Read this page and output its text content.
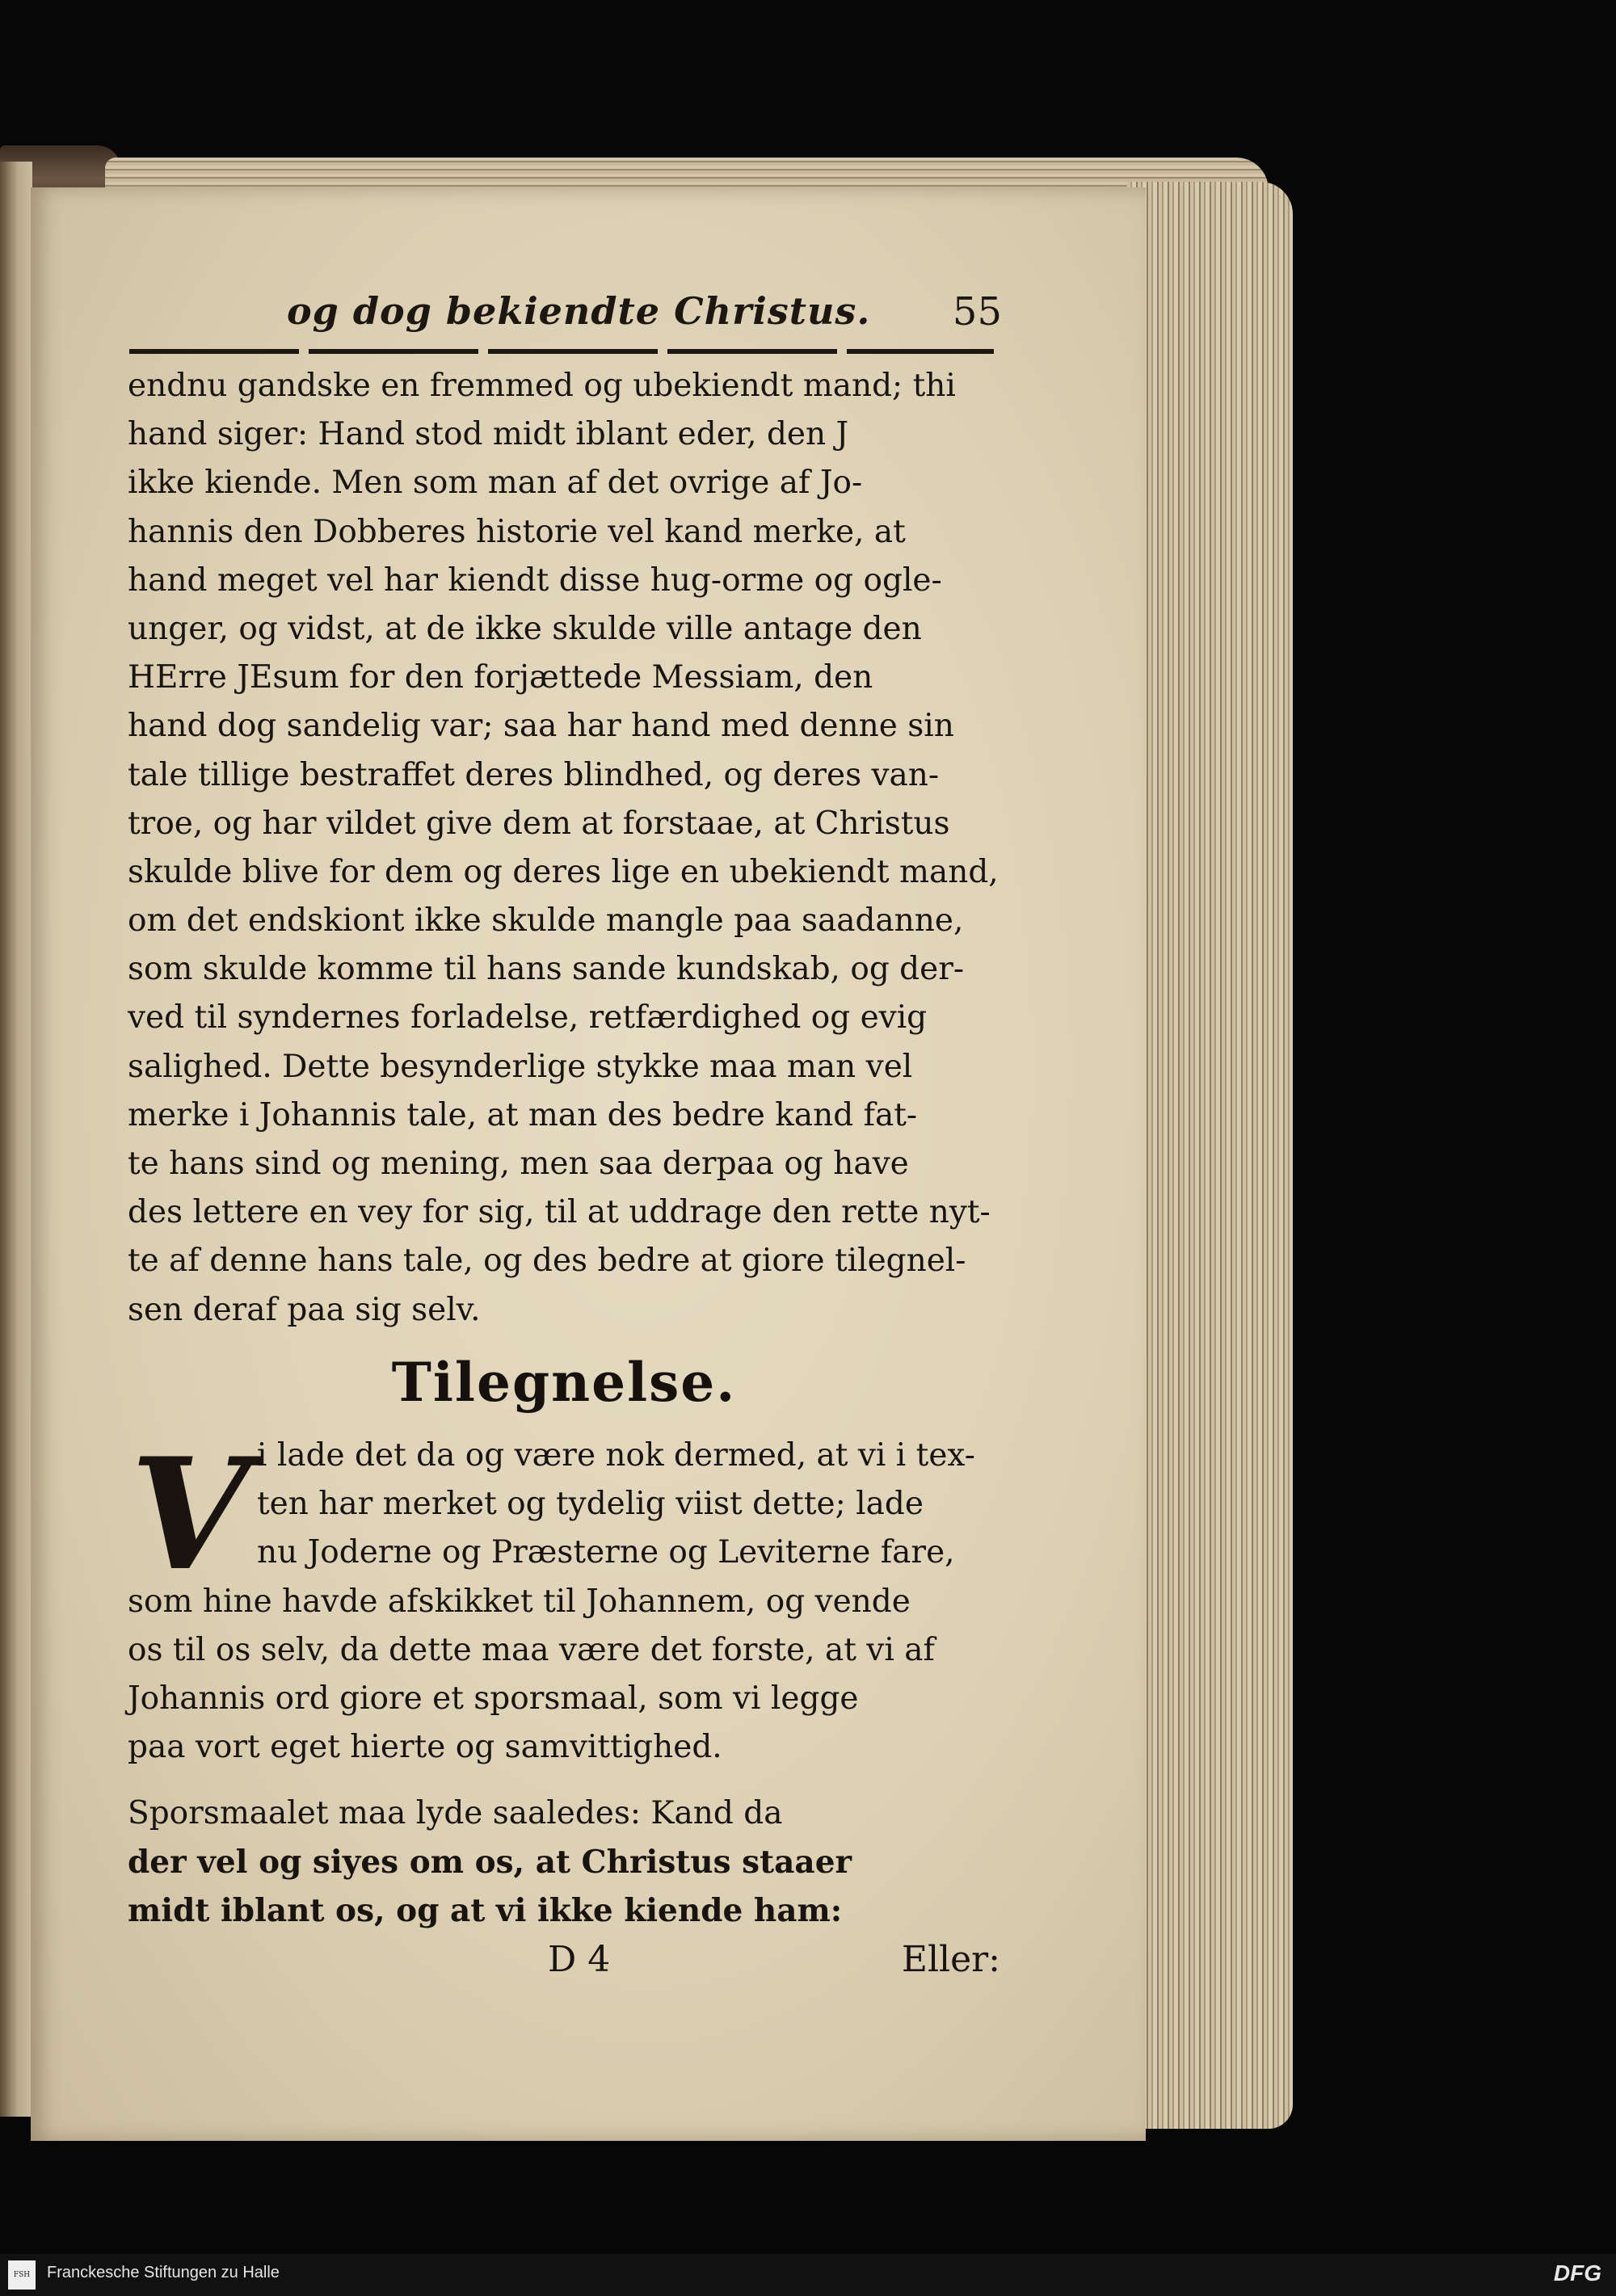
og dog bekiendte Christus. 55
endnu gandske en fremmed og ubekiendt mand; thi
hand siger: Hand stod midt iblant eder, den J
ikke kiende. Men som man af det ovrige af Jo-
hannis den Dobberes historie vel kand merke, at
hand meget vel har kiendt disse hug-orme og ogle-
unger, og vidst, at de ikke skulde ville antage den
HErre JEsum for den forjættede Messiam, den
hand dog sandelig var; saa har hand med denne sin
tale tillige bestraffet deres blindhed, og deres van-
troe, og har vildet give dem at forstaae, at Christus
skulde blive for dem og deres lige en ubekiendt mand,
om det endskiont ikke skulde mangle paa saadanne,
som skulde komme til hans sande kundskab, og der-
ved til syndernes forladelse, retfærdighed og evig
salighed. Dette besynderlige stykke maa man vel
merke i Johannis tale, at man des bedre kand fat-
te hans sind og mening, men saa derpaa og have
des lettere en vey for sig, til at uddrage den rette nyt-
te af denne hans tale, og des bedre at giore tilegnel-
sen deraf paa sig selv.
Tilegnelse.
V i lade det da og være nok dermed, at vi i tex-
ten har merket og tydelig viist dette; lade
nu Joderne og Præsterne og Leviterne fare,
som hine havde afskikket til Johannem, og vende
os til os selv, da dette maa være det forste, at vi af
Johannis ord giore et sporsmaal, som vi legge
paa vort eget hierte og samvittighed.
Sporsmaalet maa lyde saaledes: Kand da
der vel og siyes om os, at Christus staaer
midt iblant os, og at vi ikke kiende ham:
D 4	Eller:
FSH	Franckesche Stiftungen zu Halle	DFG
